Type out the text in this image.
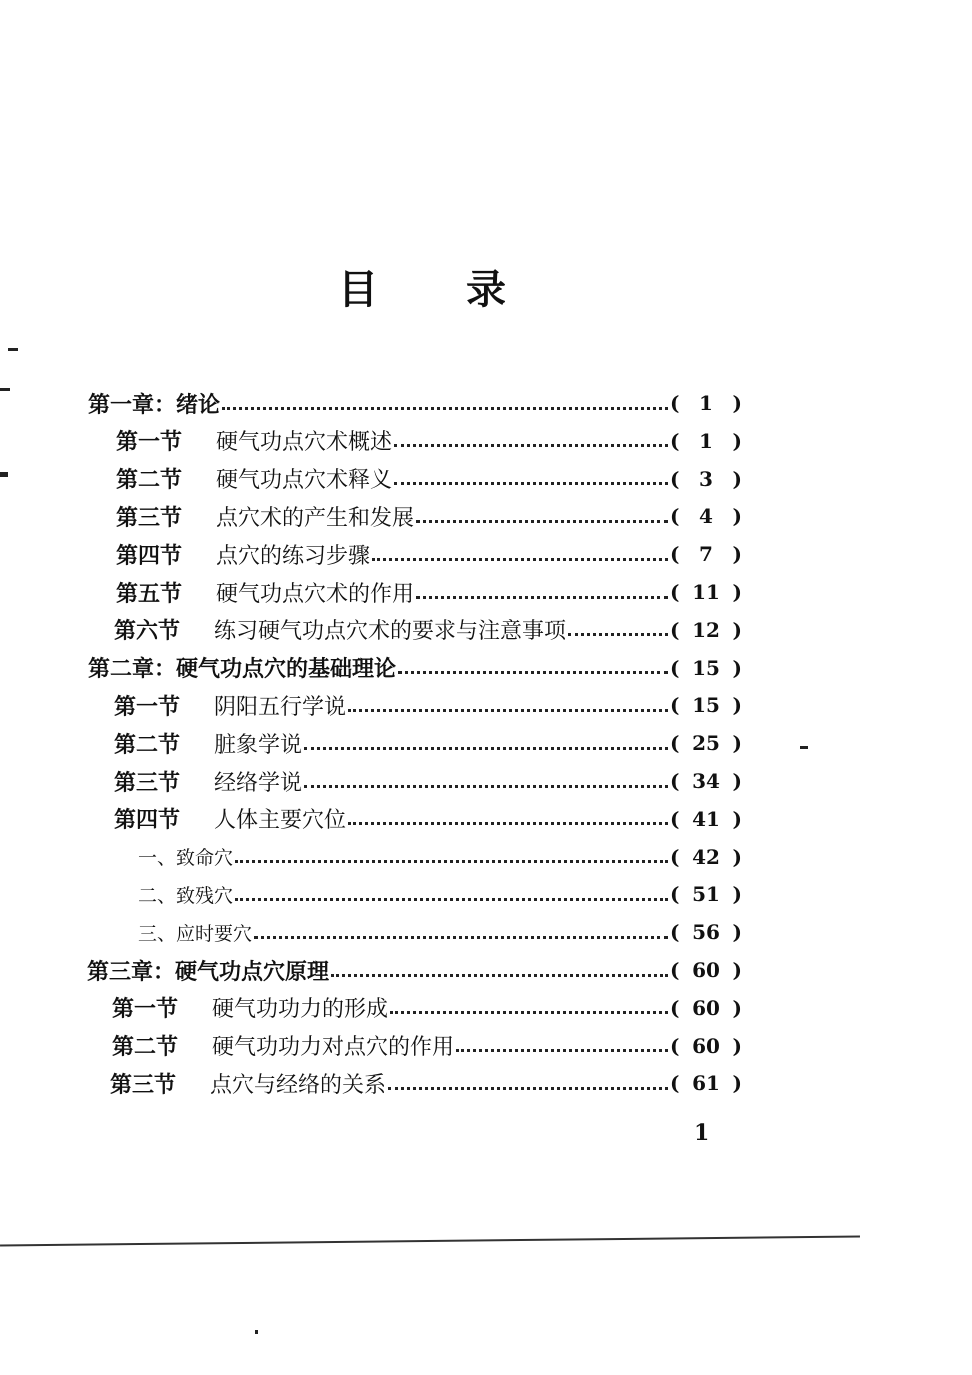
目 录
第一章： 绪论	( 1 )
第一节	硬气功点穴术概述	( 1 )
第二节	硬气功点穴术释义	( 3 )
第三节	点穴术的产生和发展	( 4 )
第四节	点穴的练习步骤	( 7 )
第五节	硬气功点穴术的作用	( 11 )
第六节	练习硬气功点穴术的要求与注意事项	( 12 )
第二章： 硬气功点穴的基础理论	( 15 )
第一节	阴阳五行学说	( 15 )
第二节	脏象学说	( 25 )
第三节	经络学说	( 34 )
第四节	人体主要穴位	( 41 )
一、 致命穴	( 42 )
二、 致残穴	( 51 )
三、 应时要穴	( 56 )
第三章： 硬气功点穴原理	( 60 )
第一节	硬气功功力的形成	( 60 )
第二节	硬气功功力对点穴的作用	( 60 )
第三节	点穴与经络的关系	( 61 )
1
